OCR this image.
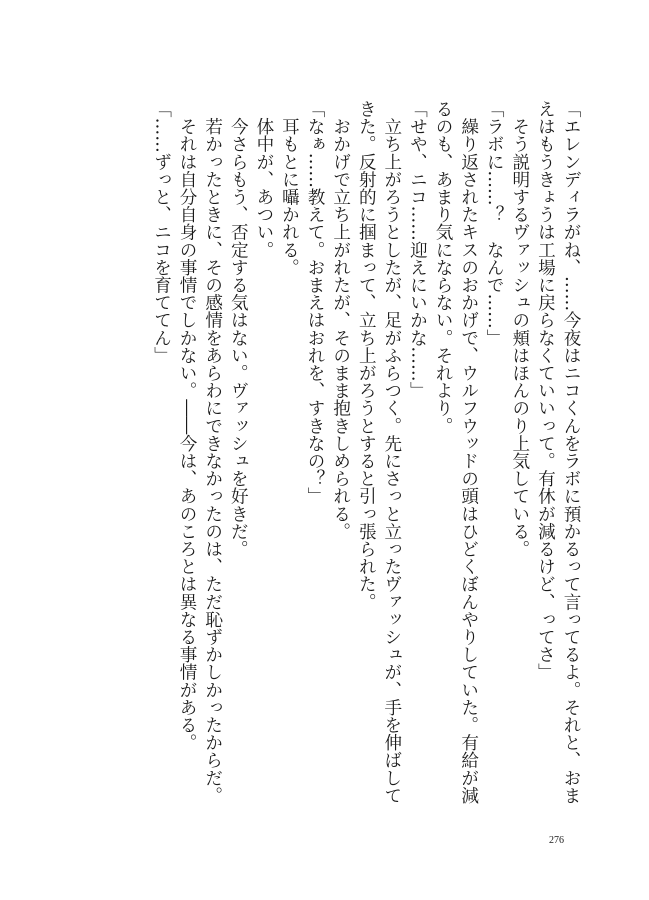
「エレンディラがね、……今夜はニコくんをラボに預かるって言ってるよ。それと、おま
えはもうきょうは工場に戻らなくていいって。有休が減るけど、ってさ」
　そう説明するヴァッシュの頬はほんのり上気している。
「ラボに……？　なんで……」
　繰り返されたキスのおかげで、ウルフウッドの頭はひどくぼんやりしていた。有給が減
るのも、あまり気にならない。それより。
「せや、ニコ……迎えにいかな……」
　立ち上がろうとしたが、足がふらつく。先にさっと立ったヴァッシュが、手を伸ばして
きた。反射的に掴まって、立ち上がろうとすると引っ張られた。
　おかげで立ち上がれたが、そのまま抱きしめられる。
「なぁ……教えて。おまえはおれを、すきなの？」
　耳もとに囁かれる。
　体中が、あつい。
　今さらもう、否定する気はない。ヴァッシュを好きだ。
　若かったときに、その感情をあらわにできなかったのは、ただ恥ずかしかったからだ。
　それは自分自身の事情でしかない。――今は、あのころとは異なる事情がある。
「……ずっと、ニコを育ててん」
276
